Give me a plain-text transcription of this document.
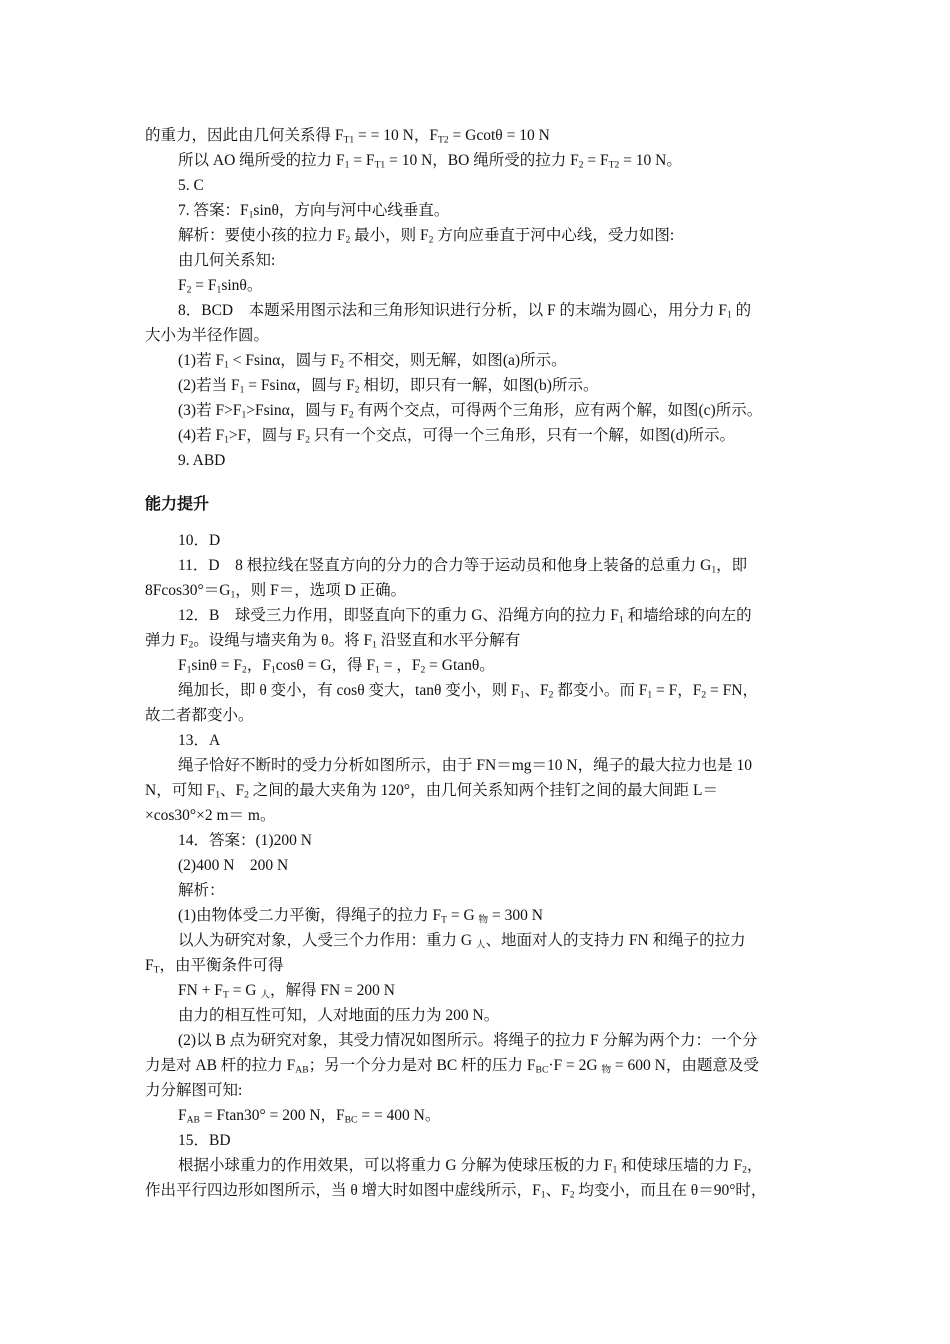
的重力，因此由几何关系得 $F_{T1}$ = = 10 N，$F_{T2} = Gcot\theta = 10$ N
所以 AO 绳所受的拉力 $F_1 = F_{T1} = 10$ N，BO 绳所受的拉力 $F_2 = F_{T2} = 10$ N。
5. C
7. 答案：$F_1\sin\theta$，方向与河中心线垂直。
解析：要使小孩的拉力 $F_2$ 最小，则 $F_2$ 方向应垂直于河中心线，受力如图:
由几何关系知:
$F_2 = F_1\sin\theta$。
8．BCD　本题采用图示法和三角形知识进行分析，以 F 的末端为圆心，用分力 $F_1$ 的
大小为半径作圆。
(1)若 $F_1 < Fsin\alpha$，圆与 $F_2$ 不相交，则无解，如图(a)所示。
(2)若当 $F_1 = Fsin\alpha$，圆与 $F_2$ 相切，即只有一解，如图(b)所示。
(3)若 $F>F_1>Fsin\alpha$，圆与 $F_2$ 有两个交点，可得两个三角形，应有两个解，如图(c)所示。
(4)若 $F_1>F$，圆与 $F_2$ 只有一个交点，可得一个三角形，只有一个解，如图(d)所示。
9. ABD
能力提升
10．D
11．D　8 根拉线在竖直方向的分力的合力等于运动员和他身上装备的总重力 $G_1$，即
$8Fcos30^\circ=G_1$，则 F＝，选项 D 正确。
12．B　球受三力作用，即竖直向下的重力 G、沿绳方向的拉力 $F_1$ 和墙给球的向左的
弹力 $F_2$。设绳与墙夹角为 θ。将 $F_1$ 沿竖直和水平分解有
$F_1\sin\theta = F_2$，$F_1\cos\theta = G$，得 $F_1$ = ，$F_2 = Gtan\theta$。
绳加长，即 θ 变小，有 cosθ 变大，tanθ 变小，则 $F_1$、$F_2$ 都变小。而 $F_1 = F$，$F_2$ = FN，
故二者都变小。
13．A
绳子恰好不断时的受力分析如图所示，由于 FN＝mg＝10 N，绳子的最大拉力也是 10
N，可知 $F_1$、$F_2$ 之间的最大夹角为 120°，由几何关系知两个挂钉之间的最大间距 L＝
×cos30°×2 m＝ m。
14．答案：(1)200 N
(2)400 N　200 N
解析：
(1)由物体受二力平衡，得绳子的拉力 $F_T = G$ $_物$ = 300 N
以人为研究对象，人受三个力作用：重力 G $_人$、地面对人的支持力 FN 和绳子的拉力
$F_T$，由平衡条件可得
FN + $F_T = G$ $_人$，解得 FN = 200 N
由力的相互性可知，人对地面的压力为 200 N。
(2)以 B 点为研究对象，其受力情况如图所示。将绳子的拉力 F 分解为两个力：一个分
力是对 AB 杆的拉力 $F_{AB}$；另一个分力是对 BC 杆的压力 $F_{BC}\cdot F = 2G$ $_物$ = 600 N，由题意及受
力分解图可知:
$F_{AB} = Ftan30^\circ = 200$ N，$F_{BC}$ = = 400 N。
15．BD
根据小球重力的作用效果，可以将重力 G 分解为使球压板的力 $F_1$ 和使球压墙的力 $F_2$，
作出平行四边形如图所示，当 θ 增大时如图中虚线所示，$F_1$、$F_2$ 均变小，而且在 θ＝90°时，
